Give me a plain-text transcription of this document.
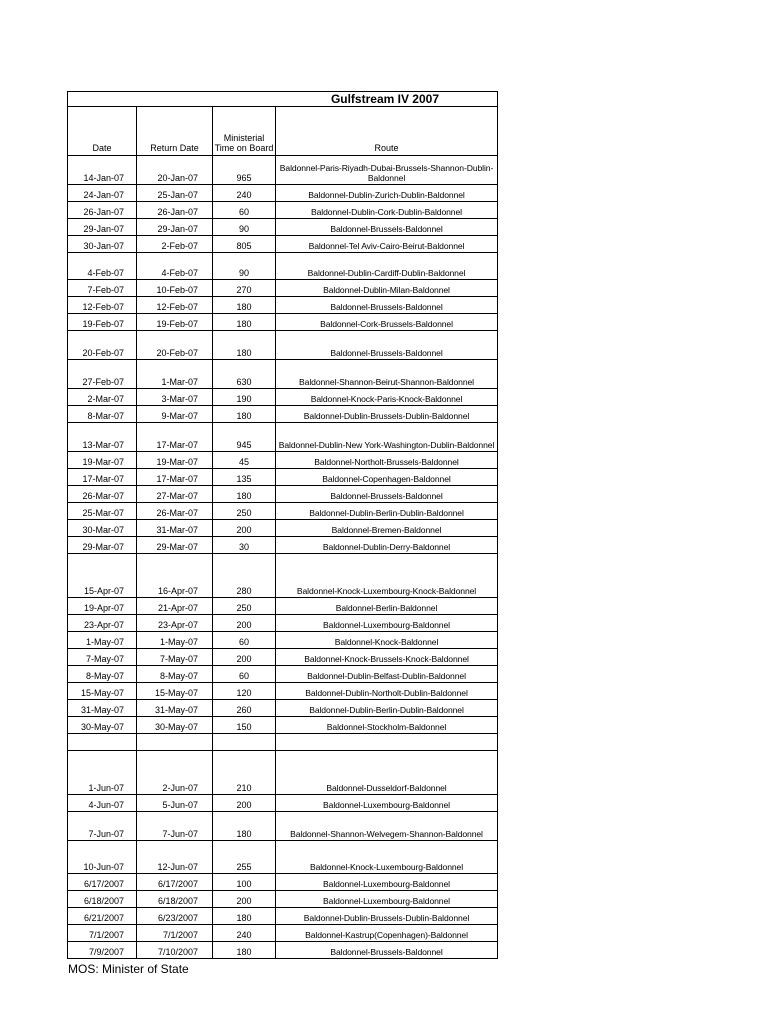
Gulfstream IV 2007			
Date	Return Date	Ministerial Time on Board	Route
14-Jan-07	20-Jan-07	965	Baldonnel-Paris-Riyadh-Dubai-Brussels-Shannon-Dublin-Baldonnel
24-Jan-07	25-Jan-07	240	Baldonnel-Dublin-Zurich-Dublin-Baldonnel
26-Jan-07	26-Jan-07	60	Baldonnel-Dublin-Cork-Dublin-Baldonnel
29-Jan-07	29-Jan-07	90	Baldonnel-Brussels-Baldonnel
30-Jan-07	2-Feb-07	805	Baldonnel-Tel Aviv-Cairo-Beirut-Baldonnel
4-Feb-07	4-Feb-07	90	Baldonnel-Dublin-Cardiff-Dublin-Baldonnel
7-Feb-07	10-Feb-07	270	Baldonnel-Dublin-Milan-Baldonnel
12-Feb-07	12-Feb-07	180	Baldonnel-Brussels-Baldonnel
19-Feb-07	19-Feb-07	180	Baldonnel-Cork-Brussels-Baldonnel
20-Feb-07	20-Feb-07	180	Baldonnel-Brussels-Baldonnel
27-Feb-07	1-Mar-07	630	Baldonnel-Shannon-Beirut-Shannon-Baldonnel
2-Mar-07	3-Mar-07	190	Baldonnel-Knock-Paris-Knock-Baldonnel
8-Mar-07	9-Mar-07	180	Baldonnel-Dublin-Brussels-Dublin-Baldonnel
13-Mar-07	17-Mar-07	945	Baldonnel-Dublin-New York-Washington-Dublin-Baldonnel
19-Mar-07	19-Mar-07	45	Baldonnel-Northolt-Brussels-Baldonnel
17-Mar-07	17-Mar-07	135	Baldonnel-Copenhagen-Baldonnel
26-Mar-07	27-Mar-07	180	Baldonnel-Brussels-Baldonnel
25-Mar-07	26-Mar-07	250	Baldonnel-Dublin-Berlin-Dublin-Baldonnel
30-Mar-07	31-Mar-07	200	Baldonnel-Bremen-Baldonnel
29-Mar-07	29-Mar-07	30	Baldonnel-Dublin-Derry-Baldonnel
15-Apr-07	16-Apr-07	280	Baldonnel-Knock-Luxembourg-Knock-Baldonnel
19-Apr-07	21-Apr-07	250	Baldonnel-Berlin-Baldonnel
23-Apr-07	23-Apr-07	200	Baldonnel-Luxembourg-Baldonnel
1-May-07	1-May-07	60	Baldonnel-Knock-Baldonnel
7-May-07	7-May-07	200	Baldonnel-Knock-Brussels-Knock-Baldonnel
8-May-07	8-May-07	60	Baldonnel-Dublin-Belfast-Dublin-Baldonnel
15-May-07	15-May-07	120	Baldonnel-Dublin-Northolt-Dublin-Baldonnel
31-May-07	31-May-07	260	Baldonnel-Dublin-Berlin-Dublin-Baldonnel
30-May-07	30-May-07	150	Baldonnel-Stockholm-Baldonnel

1-Jun-07	2-Jun-07	210	Baldonnel-Dusseldorf-Baldonnel
4-Jun-07	5-Jun-07	200	Baldonnel-Luxembourg-Baldonnel
7-Jun-07	7-Jun-07	180	Baldonnel-Shannon-Welvegem-Shannon-Baldonnel
10-Jun-07	12-Jun-07	255	Baldonnel-Knock-Luxembourg-Baldonnel
6/17/2007	6/17/2007	100	Baldonnel-Luxembourg-Baldonnel
6/18/2007	6/18/2007	200	Baldonnel-Luxembourg-Baldonnel
6/21/2007	6/23/2007	180	Baldonnel-Dublin-Brussels-Dublin-Baldonnel
7/1/2007	7/1/2007	240	Baldonnel-Kastrup(Copenhagen)-Baldonnel
7/9/2007	7/10/2007	180	Baldonnel-Brussels-Baldonnel
MOS: Minister of State
